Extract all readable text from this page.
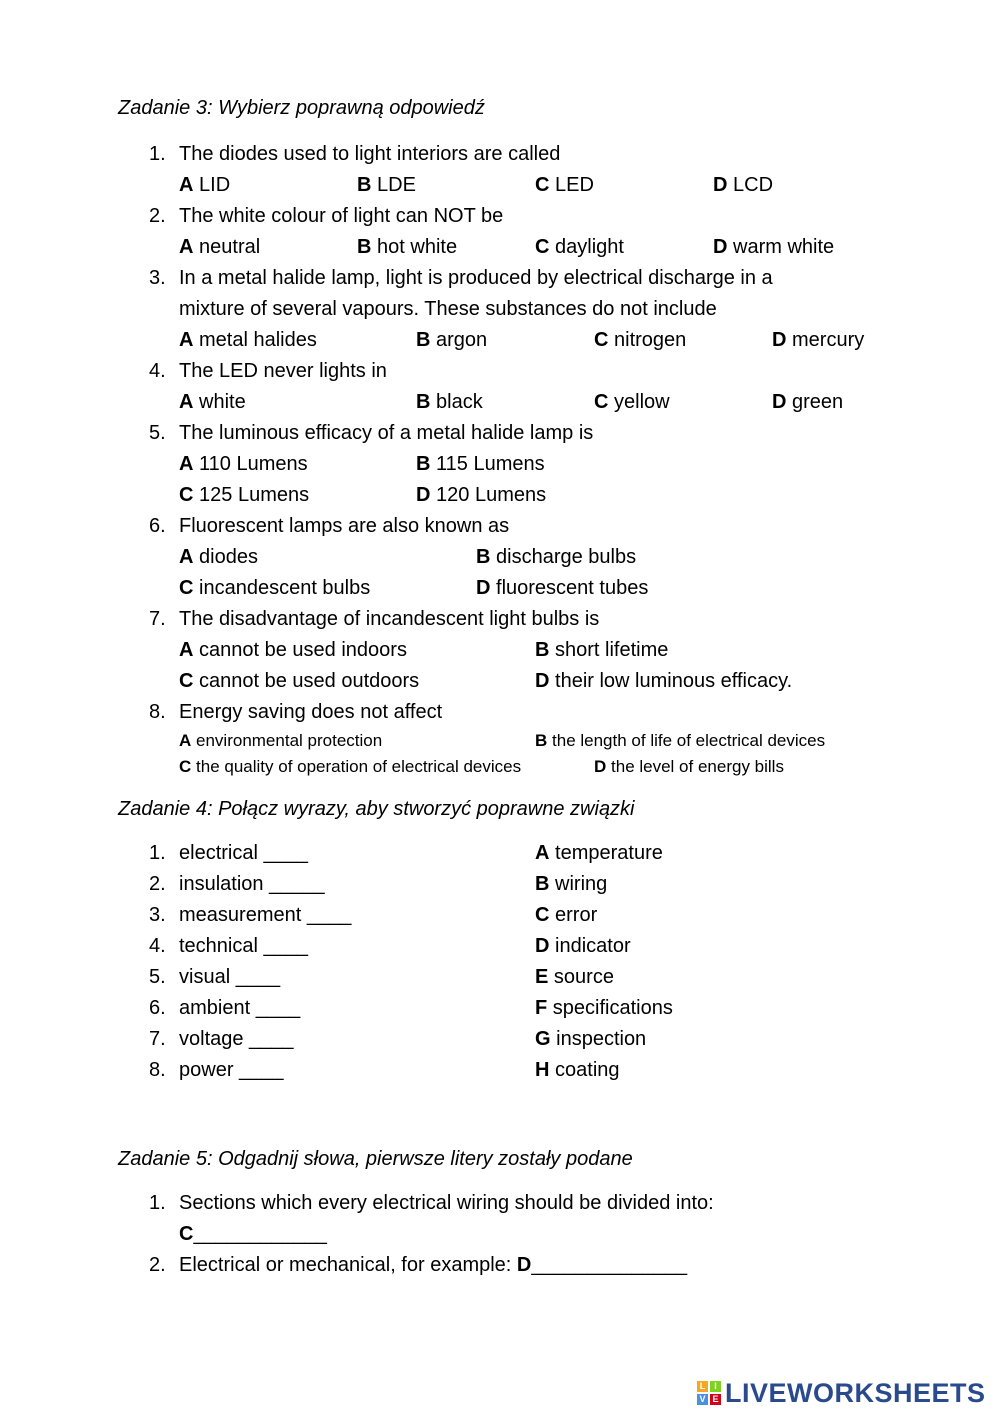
Zadanie 3: Wybierz poprawną odpowiedź
1. The diodes used to light interiors are called
A LID	B LDE	C LED	D LCD
2. The white colour of light can NOT be
A neutral	B hot white	C daylight	D warm white
3. In a metal halide lamp, light is produced by electrical discharge in a
mixture of several vapours. These substances do not include
A metal halides	B argon	C nitrogen	D mercury
4. The LED never lights in
A white	B black	C yellow	D green
5. The luminous efficacy of a metal halide lamp is
A 110 Lumens	B 115 Lumens
C 125 Lumens	D 120 Lumens
6. Fluorescent lamps are also known as
A diodes	B discharge bulbs
C incandescent bulbs	D fluorescent tubes
7. The disadvantage of incandescent light bulbs is
A cannot be used indoors	B short lifetime
C cannot be used outdoors	D their low luminous efficacy.
8. Energy saving does not affect
A environmental protection	B the length of life of electrical devices
C the quality of operation of electrical devices	D the level of energy bills
Zadanie 4: Połącz wyrazy, aby stworzyć poprawne związki
1. electrical ____	A temperature
2. insulation _____	B wiring
3. measurement ____	C error
4. technical ____	D indicator
5. visual ____	E source
6. ambient ____	F specifications
7. voltage ____	G inspection
8. power ____	H coating
Zadanie 5: Odgadnij słowa, pierwsze litery zostały podane
1. Sections which every electrical wiring should be divided into:
C____________
2. Electrical or mechanical, for example: D______________
L I
V E LIVEWORKSHEETS
